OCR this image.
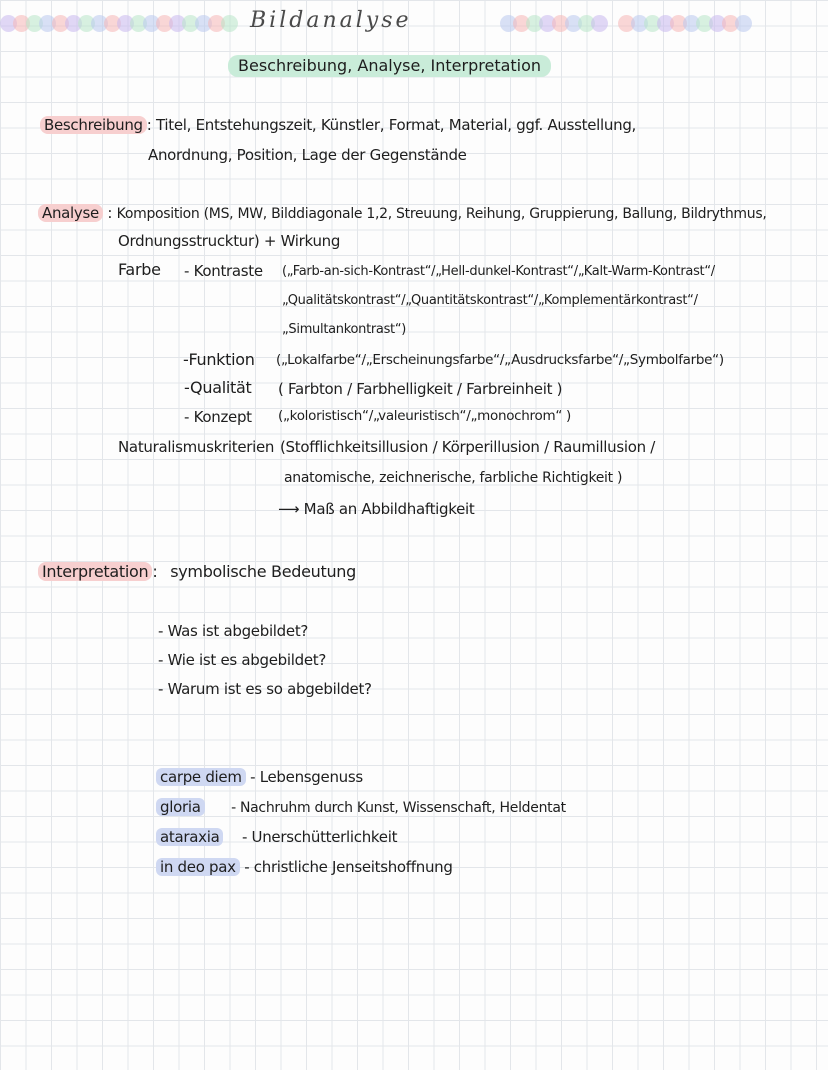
Bildanalyse
Beschreibung, Analyse, Interpretation
Beschreibung : Titel, Entstehungszeit, Künstler, Format, Material, ggf. Ausstellung,
Anordnung, Position, Lage der Gegenstände
Analyse : Komposition (MS, MW, Bilddiagonale 1,2, Streuung, Reihung, Gruppierung, Ballung, Bildrythmus,
Ordnungsstrucktur) + Wirkung
Farbe - Kontraste („Farb-an-sich-Kontrast“/„Hell-dunkel-Kontrast“/„Kalt-Warm-Kontrast“/
„Qualitätskontrast“/„Quantitätskontrast“/„Komplementärkontrast“/
„Simultankontrast“)
-Funktion („Lokalfarbe“/„Erscheinungsfarbe“/„Ausdrucksfarbe“/„Symbolfarbe“)
-Qualität ( Farbton / Farbhelligkeit / Farbreinheit )
- Konzept („koloristisch“/„valeuristisch“/„monochrom“ )
Naturalismuskriterien (Stofflichkeitsillusion / Körperillusion / Raumillusion /
anatomische, zeichnerische, farbliche Richtigkeit )
⟶ Maß an Abbildhaftigkeit
Interpretation : symbolische Bedeutung
- Was ist abgebildet?
- Wie ist es abgebildet?
- Warum ist es so abgebildet?
carpe diem - Lebensgenuss
gloria - Nachruhm durch Kunst, Wissenschaft, Heldentat
ataraxia - Unerschütterlichkeit
in deo pax - christliche Jenseitshoffnung
